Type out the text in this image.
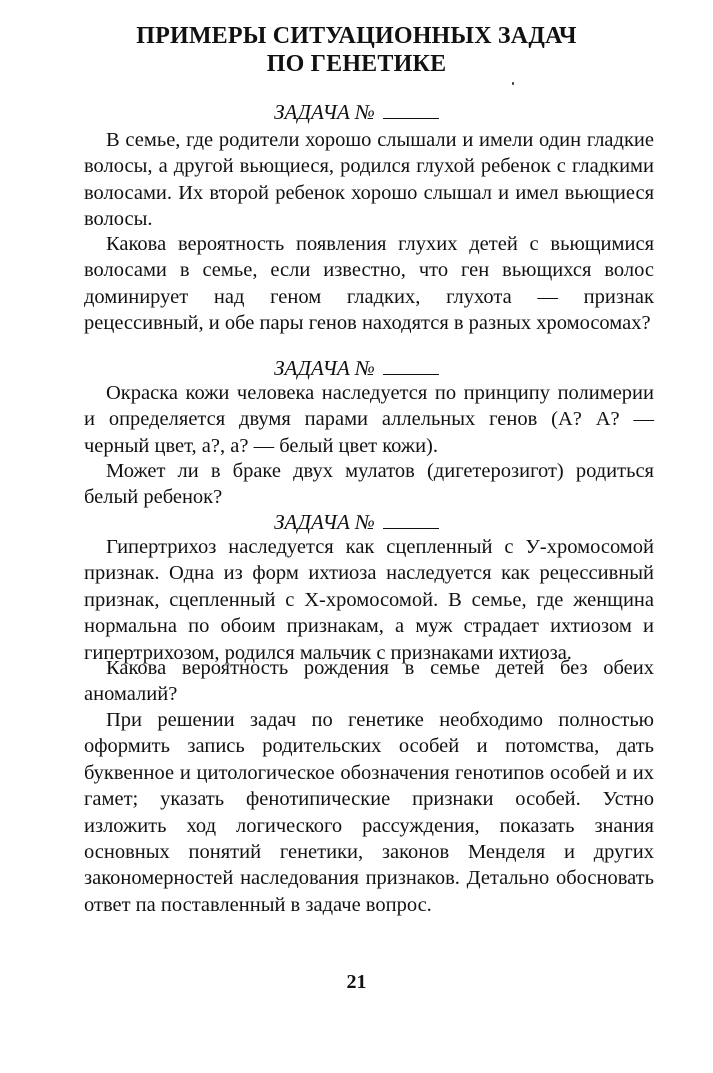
ПРИМЕРЫ СИТУАЦИОННЫХ ЗАДАЧ
ПО ГЕНЕТИКЕ
ЗАДАЧА №

В семье, где родители хорошо слышали и имели один гладкие волосы, а другой вьющиеся, родился глухой ребенок с гладкими волосами. Их второй ребенок хорошо слышал и имел вьющиеся волосы.

Какова вероятность появления глухих детей с вьющимися волосами в семье, если известно, что ген вьющихся волос доминирует над геном гладких, глухота — признак рецессивный, и обе пары генов находятся в разных хромосомах?

ЗАДАЧА №

Окраска кожи человека наследуется по принципу полимерии и определяется двумя парами аллельных генов (А? А? — черный цвет, а?, а? — белый цвет кожи).

Может ли в браке двух мулатов (дигетерозигот) родиться белый ребенок?

ЗАДАЧА №

Гипертрихоз наследуется как сцепленный с У-хромосомой признак. Одна из форм ихтиоза наследуется как рецессивный признак, сцепленный с Х-хромосомой. В семье, где женщина нормальна по обоим признакам, а муж страдает ихтиозом и гипертрихозом, родился мальчик с признаками ихтиоза.

Какова вероятность рождения в семье детей без обеих аномалий?

При решении задач по генетике необходимо полностью оформить запись родительских особей и потомства, дать буквенное и цитологическое обозначения генотипов особей и их гамет; указать фенотипические признаки особей. Устно изложить ход логического рассуждения, показать знания основных понятий генетики, законов Менделя и других закономерностей наследования признаков. Детально обосновать ответ па поставленный в задаче вопрос.

21
